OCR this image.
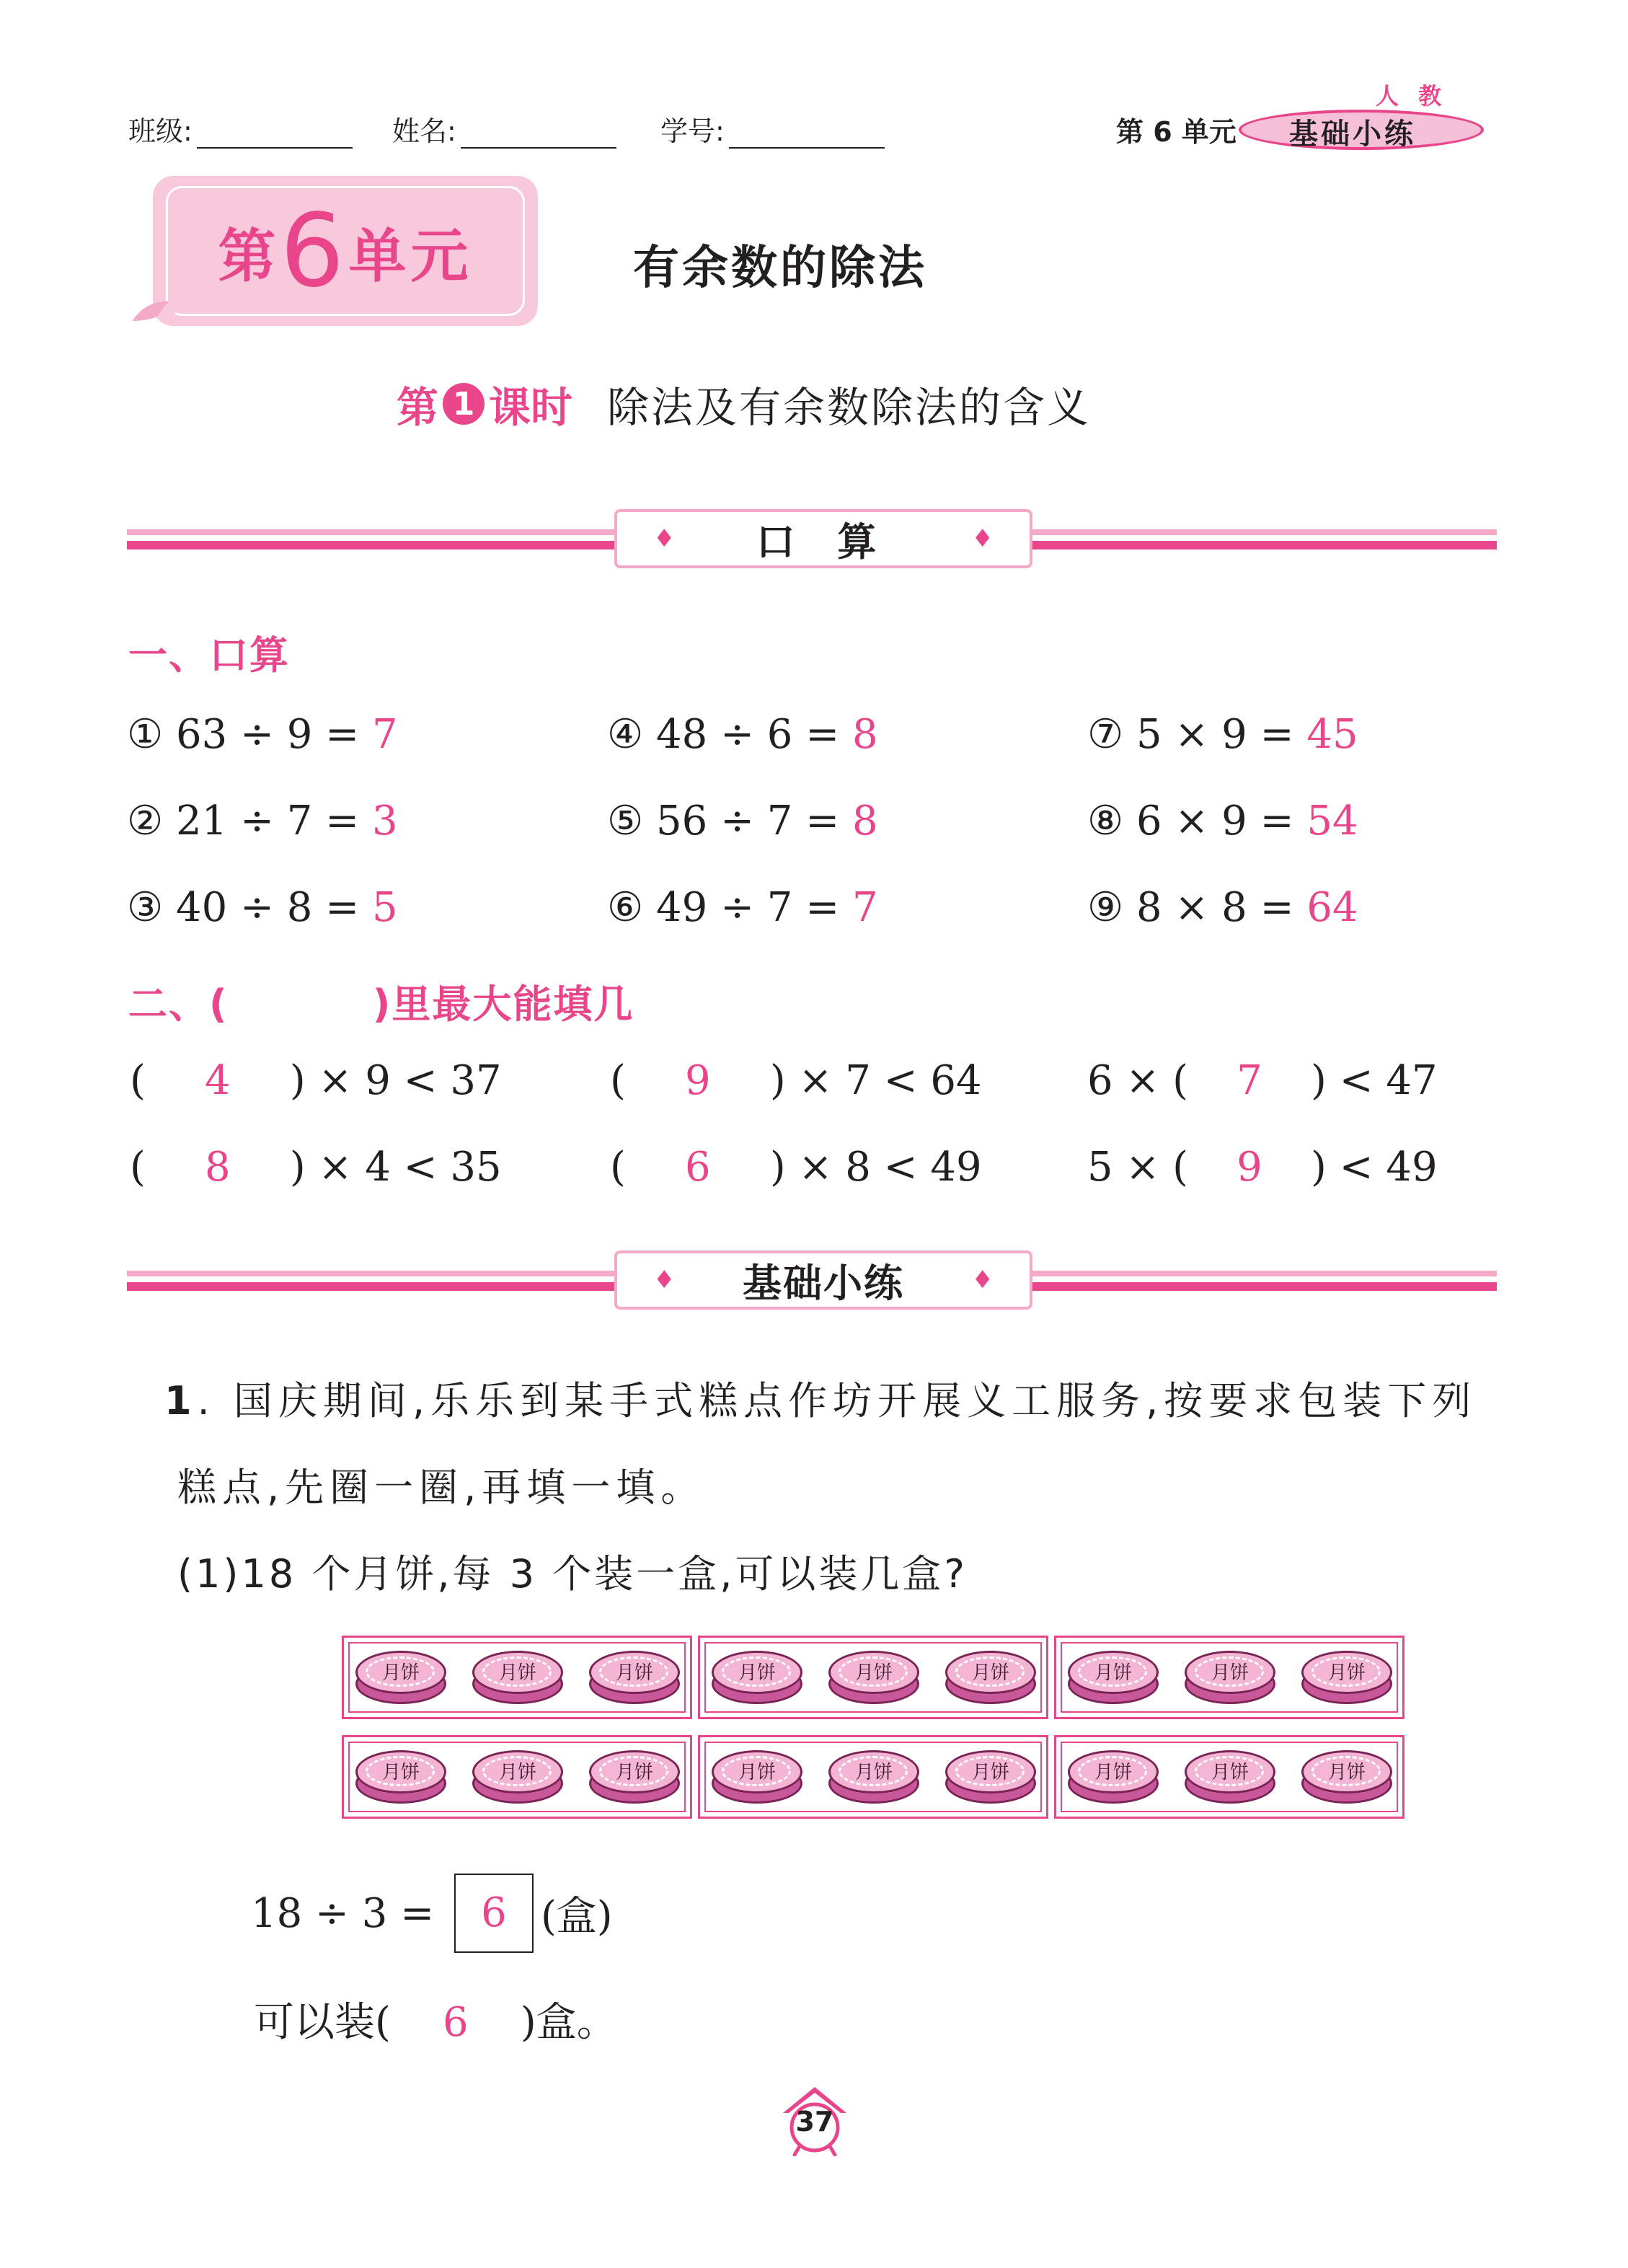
班级:	姓名:	学号:	第 6 单元
人 教
基础小练
第 6 单元	有余数的除法
第 1 课时 除法及有余数除法的含义
♦ 口 算	♦
一、口算
① 63 ÷ 9 = 7
② 21 ÷ 7 = 3
③ 40 ÷ 8 = 5
④ 48 ÷ 6 = 8
⑤ 56 ÷ 7 = 8
⑥ 49 ÷ 7 = 7
⑦ 5 × 9 = 45
⑧ 6 × 9 = 54
⑨ 8 × 8 = 64
二、(	)里最大能填几
( 4 ) × 9 < 37
( 8 ) × 4 < 35
( 9 ) × 7 < 64
( 6 ) × 8 < 49
6 × ( 7 ) < 47
5 × ( 9 ) < 49
♦ 基础小练	♦
1. 国庆期间,乐乐到某手式糕点作坊开展义工服务,按要求包装下列
糕点,先圈一圈,再填一填。
(1)18 个月饼,每 3 个装一盒,可以装几盒?
月饼	月饼	月饼	月饼	月饼	月饼	月饼	月饼	月饼
月饼	月饼	月饼	月饼	月饼	月饼	月饼	月饼	月饼
18 ÷ 3 = 6 (盒)
可以装( 6 )盒。
37
